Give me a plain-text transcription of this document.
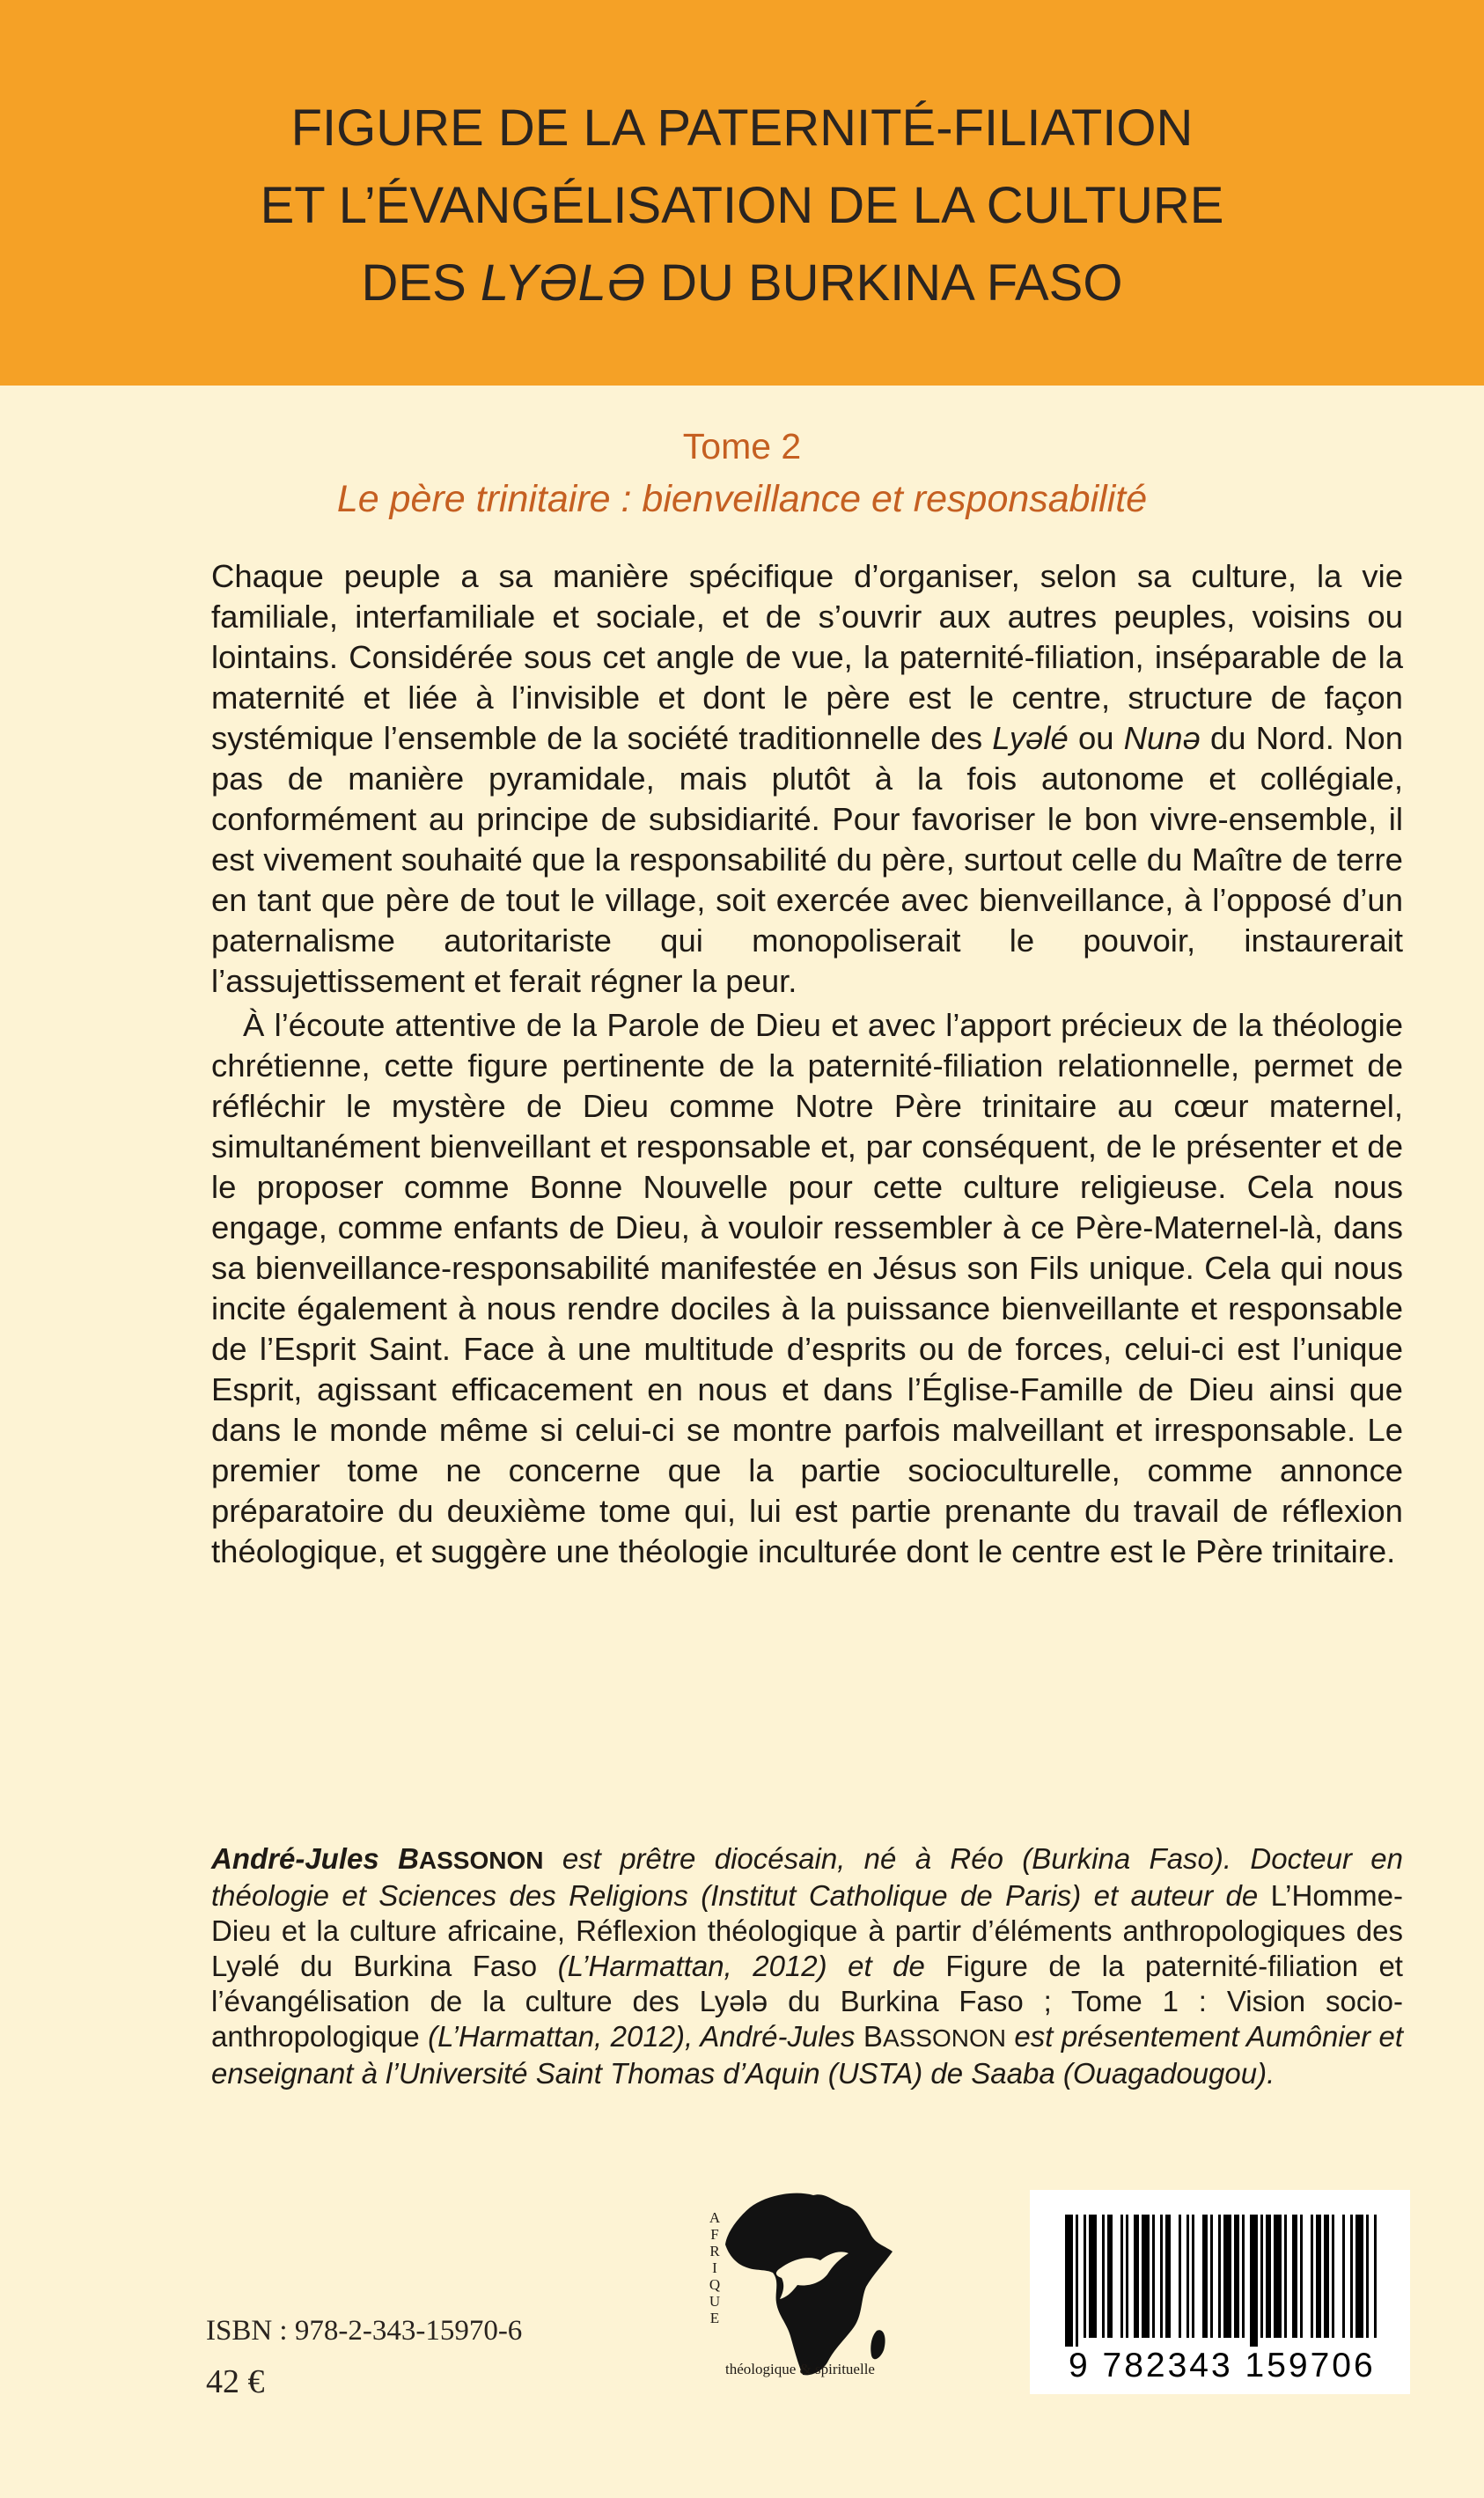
FIGURE DE LA PATERNITÉ-FILIATION
ET L’ÉVANGÉLISATION DE LA CULTURE
DES LYƏLƏ DU BURKINA FASO
Tome 2
Le père trinitaire : bienveillance et responsabilité

Chaque peuple a sa manière spécifique d’organiser, selon sa culture, la vie familiale, interfamiliale et sociale, et de s’ouvrir aux autres peuples, voisins ou lointains. Considérée sous cet angle de vue, la paternité-filiation, inséparable de la maternité et liée à l’invisible et dont le père est le centre, structure de façon systémique l’ensemble de la société traditionnelle des Lyəlé ou Nunə du Nord. Non pas de manière pyramidale, mais plutôt à la fois autonome et collégiale, conformément au principe de subsidiarité. Pour favoriser le bon vivre-ensemble, il est vivement souhaité que la responsabilité du père, surtout celle du Maître de terre en tant que père de tout le village, soit exercée avec bienveillance, à l’opposé d’un paternalisme autoritariste qui monopoliserait le pouvoir, instaurerait l’assujettissement et ferait régner la peur.

À l’écoute attentive de la Parole de Dieu et avec l’apport précieux de la théologie chrétienne, cette figure pertinente de la paternité-filiation relationnelle, permet de réfléchir le mystère de Dieu comme Notre Père trinitaire au cœur maternel, simultanément bienveillant et responsable et, par conséquent, de le présenter et de le proposer comme Bonne Nouvelle pour cette culture religieuse. Cela nous engage, comme enfants de Dieu, à vouloir ressembler à ce Père-Maternel-là, dans sa bienveillance-responsabilité manifestée en Jésus son Fils unique. Cela qui nous incite également à nous rendre dociles à la puissance bienveillante et responsable de l’Esprit Saint. Face à une multitude d’esprits ou de forces, celui-ci est l’unique Esprit, agissant efficacement en nous et dans l’Église-Famille de Dieu ainsi que dans le monde même si celui-ci se montre parfois malveillant et irresponsable. Le premier tome ne concerne que la partie socioculturelle, comme annonce préparatoire du deuxième tome qui, lui est partie prenante du travail de réflexion théologique, et suggère une théologie inculturée dont le centre est le Père trinitaire.

André-Jules BASSONON est prêtre diocésain, né à Réo (Burkina Faso). Docteur en théologie et Sciences des Religions (Institut Catholique de Paris) et auteur de L’Homme-Dieu et la culture africaine, Réflexion théologique à partir d’éléments anthropologiques des Lyəlé du Burkina Faso (L’Harmattan, 2012) et de Figure de la paternité-filiation et l’évangélisation de la culture des Lyələ du Burkina Faso ; Tome 1 : Vision socio-anthropologique (L’Harmattan, 2012), André-Jules BASSONON est présentement Aumônier et enseignant à l’Université Saint Thomas d’Aquin (USTA) de Saaba (Ouagadougou).
ISBN : 978-2-343-15970-6
42 €
A
F
R
I
Q
U
E
théologique & spirituelle	9 782343 159706
